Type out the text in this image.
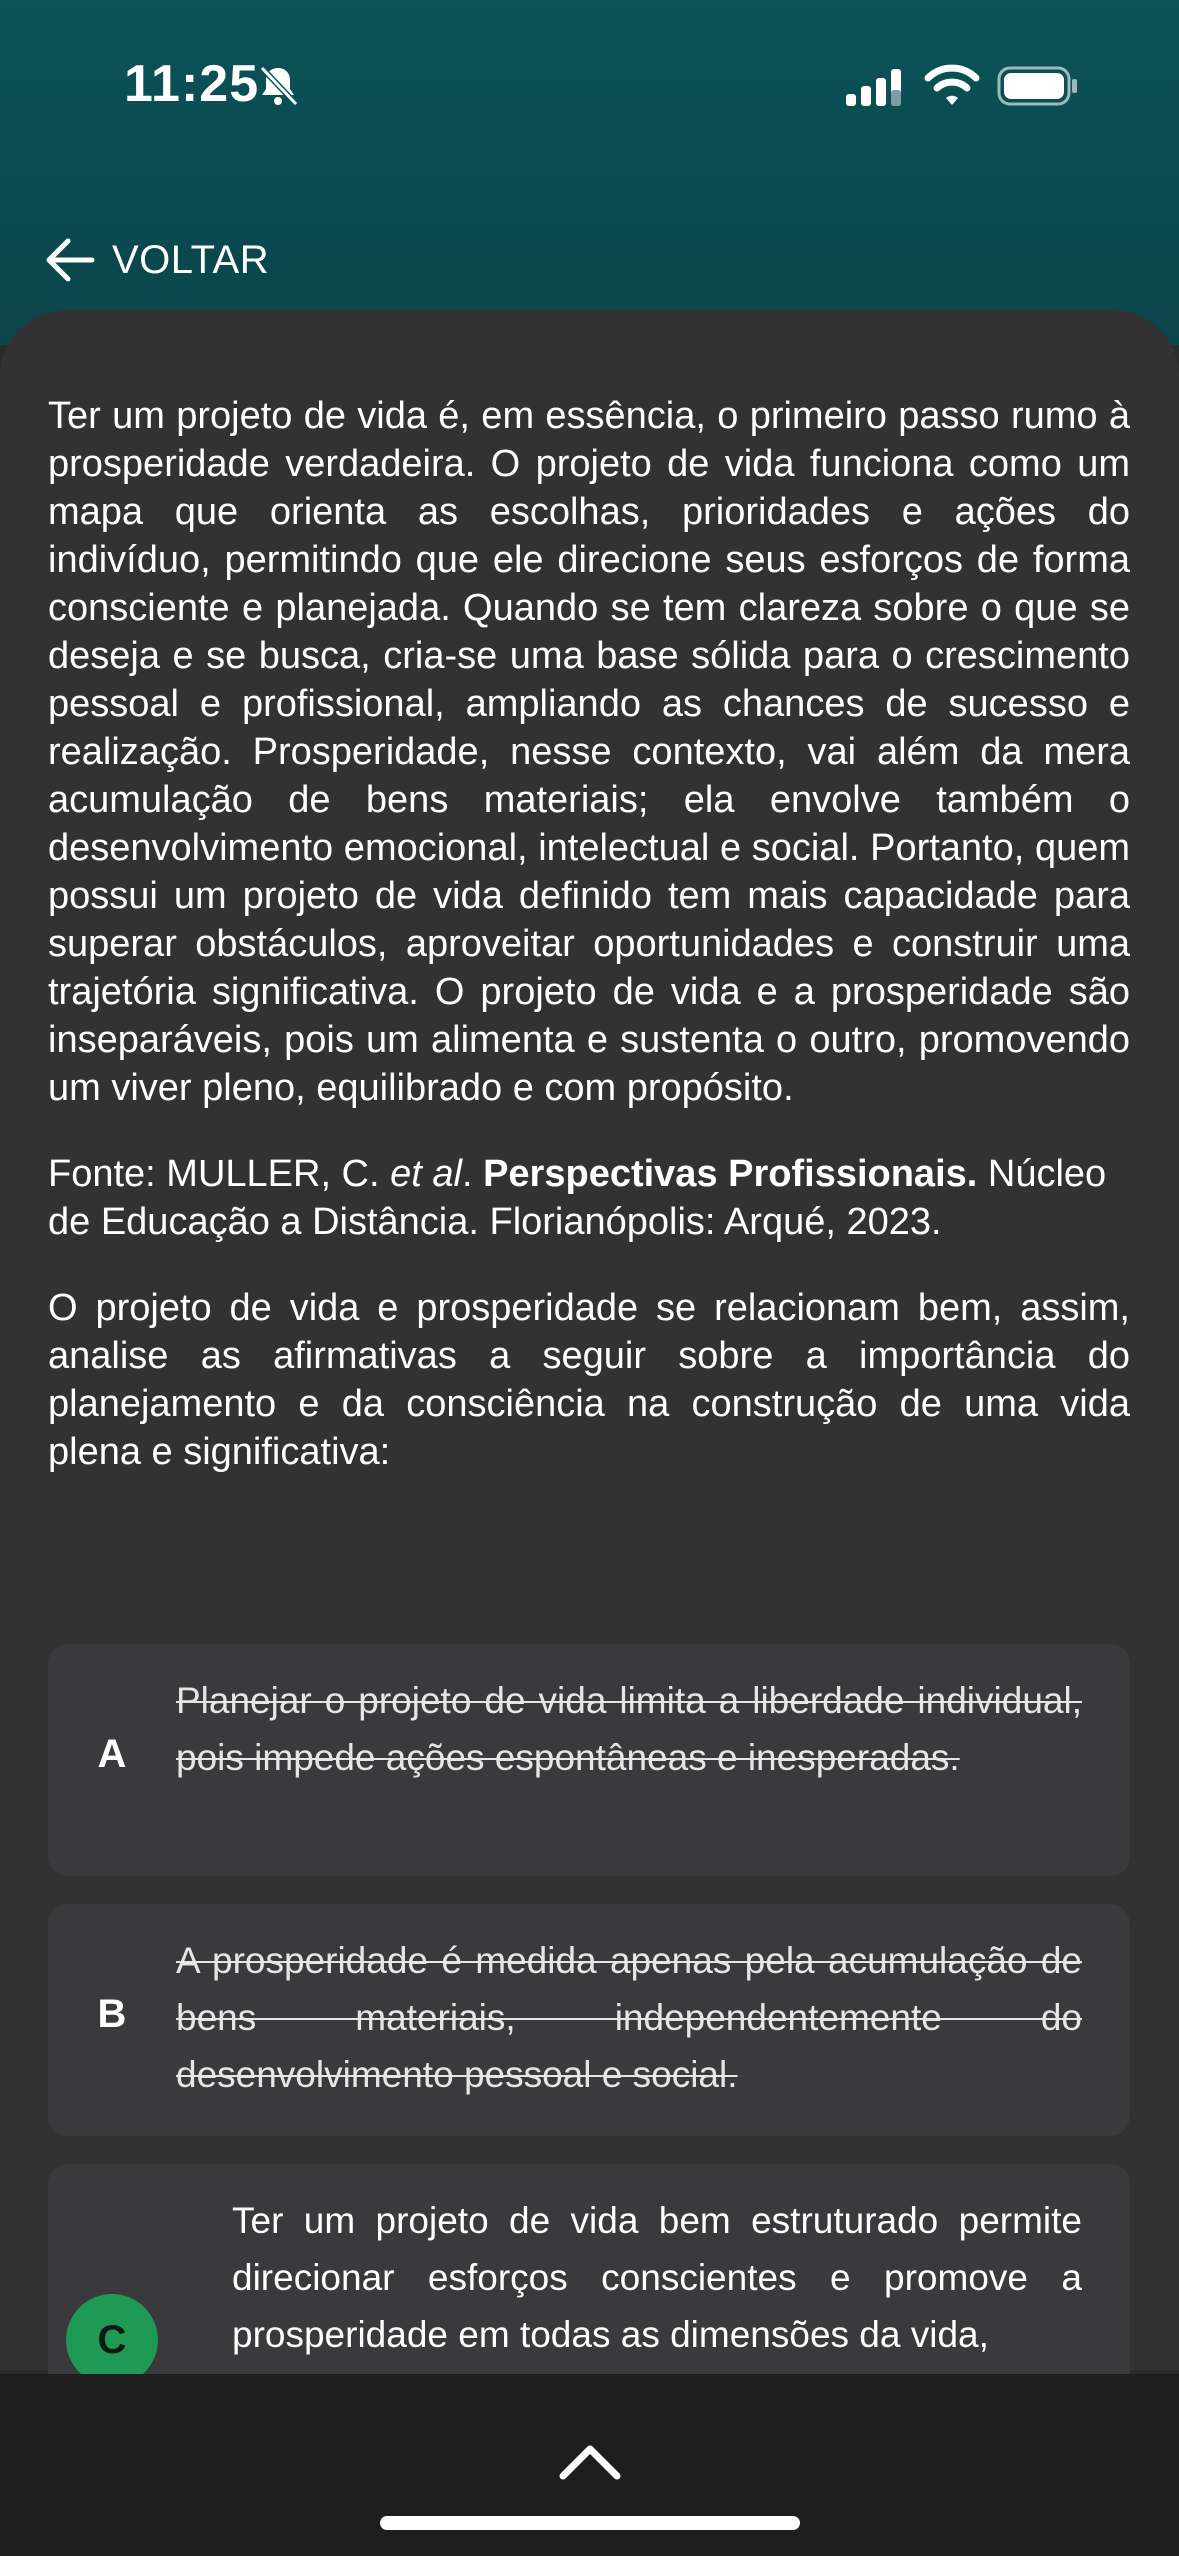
11:25
VOLTAR

Ter um projeto de vida é, em essência, o primeiro passo rumo à prosperidade verdadeira. O projeto de vida funciona como um mapa que orienta as escolhas, prioridades e ações do indivíduo, permitindo que ele direcione seus esforços de forma consciente e planejada. Quando se tem clareza sobre o que se deseja e se busca, cria-se uma base sólida para o crescimento pessoal e profissional, ampliando as chances de sucesso e realização. Prosperidade, nesse contexto, vai além da mera acumulação de bens materiais; ela envolve também o desenvolvimento emocional, intelectual e social. Portanto, quem possui um projeto de vida definido tem mais capacidade para superar obstáculos, aproveitar oportunidades e construir uma trajetória significativa. O projeto de vida e a prosperidade são inseparáveis, pois um alimenta e sustenta o outro, promovendo um viver pleno, equilibrado e com propósito.

Fonte: MULLER, C. et al. Perspectivas Profissionais. Núcleo de Educação a Distância. Florianópolis: Arqué, 2023.

O projeto de vida e prosperidade se relacionam bem, assim, analise as afirmativas a seguir sobre a importância do planejamento e da consciência na construção de uma vida plena e significativa:

A
Planejar o projeto de vida limita a liberdade individual, pois impede ações espontâneas e inesperadas.
B
A prosperidade é medida apenas pela acumulação de bens materiais, independentemente do desenvolvimento pessoal e social.
C
Ter um projeto de vida bem estruturado permite direcionar esforços conscientes e promove a prosperidade em todas as dimensões da vida,
